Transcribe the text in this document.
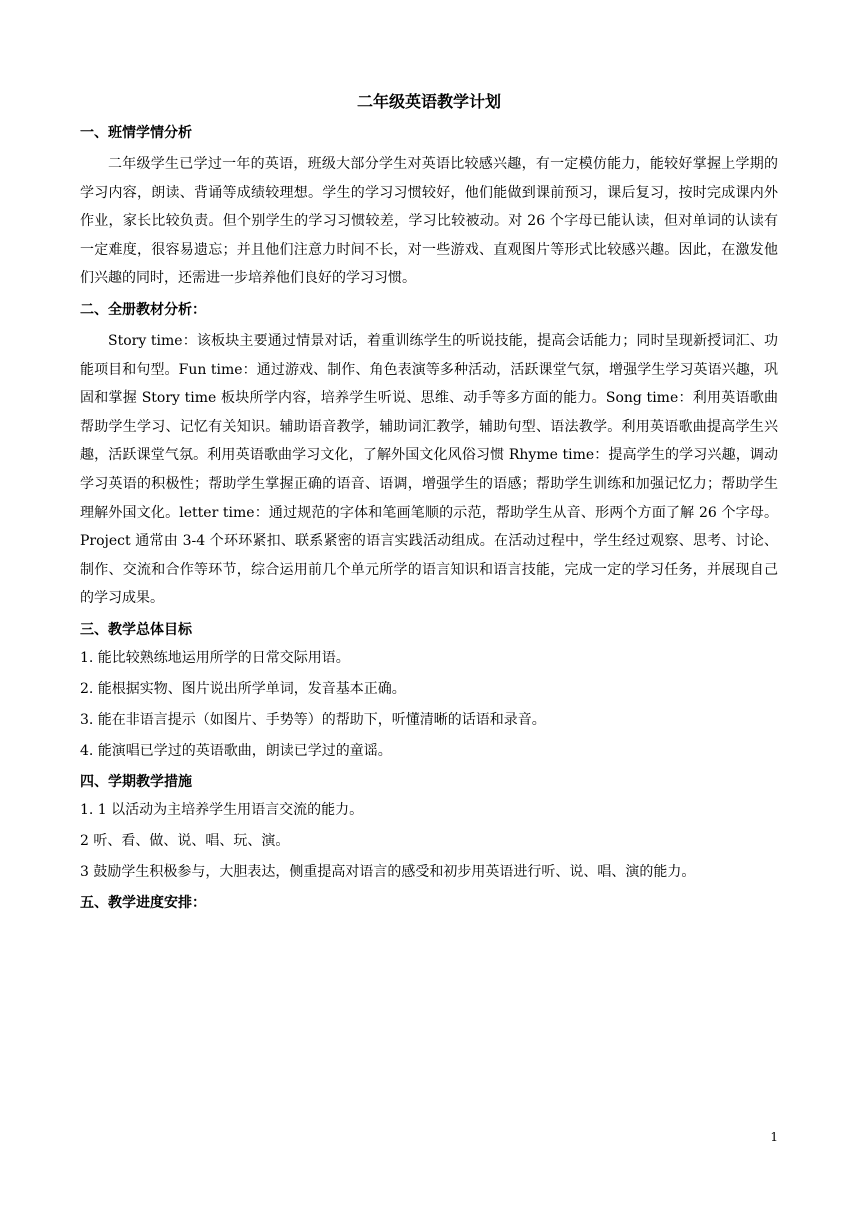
二年级英语教学计划
一、班情学情分析

二年级学生已学过一年的英语，班级大部分学生对英语比较感兴趣，有一定模仿能力，能较好掌握上学期的学习内容，朗读、背诵等成绩较理想。学生的学习习惯较好，他们能做到课前预习，课后复习，按时完成课内外作业，家长比较负责。但个别学生的学习习惯较差，学习比较被动。对 26 个字母已能认读，但对单词的认读有一定难度，很容易遗忘；并且他们注意力时间不长，对一些游戏、直观图片等形式比较感兴趣。因此，在激发他们兴趣的同时，还需进一步培养他们良好的学习习惯。

二、全册教材分析：

Story time：该板块主要通过情景对话，着重训练学生的听说技能，提高会话能力；同时呈现新授词汇、功能项目和句型。Fun time：通过游戏、制作、角色表演等多种活动，活跃课堂气氛，增强学生学习英语兴趣，巩固和掌握 Story time 板块所学内容，培养学生听说、思维、动手等多方面的能力。Song time：利用英语歌曲帮助学生学习、记忆有关知识。辅助语音教学，辅助词汇教学，辅助句型、语法教学。利用英语歌曲提高学生兴趣，活跃课堂气氛。利用英语歌曲学习文化，了解外国文化风俗习惯 Rhyme time：提高学生的学习兴趣，调动学习英语的积极性；帮助学生掌握正确的语音、语调，增强学生的语感；帮助学生训练和加强记忆力；帮助学生理解外国文化。letter time：通过规范的字体和笔画笔顺的示范，帮助学生从音、形两个方面了解 26 个字母。Project 通常由 3-4 个环环紧扣、联系紧密的语言实践活动组成。在活动过程中，学生经过观察、思考、讨论、制作、交流和合作等环节，综合运用前几个单元所学的语言知识和语言技能，完成一定的学习任务，并展现自己的学习成果。

三、教学总体目标
1. 能比较熟练地运用所学的日常交际用语。
2. 能根据实物、图片说出所学单词，发音基本正确。
3. 能在非语言提示（如图片、手势等）的帮助下，听懂清晰的话语和录音。
4. 能演唱已学过的英语歌曲，朗读已学过的童谣。
四、学期教学措施
1. 1 以活动为主培养学生用语言交流的能力。
2 听、看、做、说、唱、玩、演。
3 鼓励学生积极参与，大胆表达，侧重提高对语言的感受和初步用英语进行听、说、唱、演的能力。
五、教学进度安排：
1
